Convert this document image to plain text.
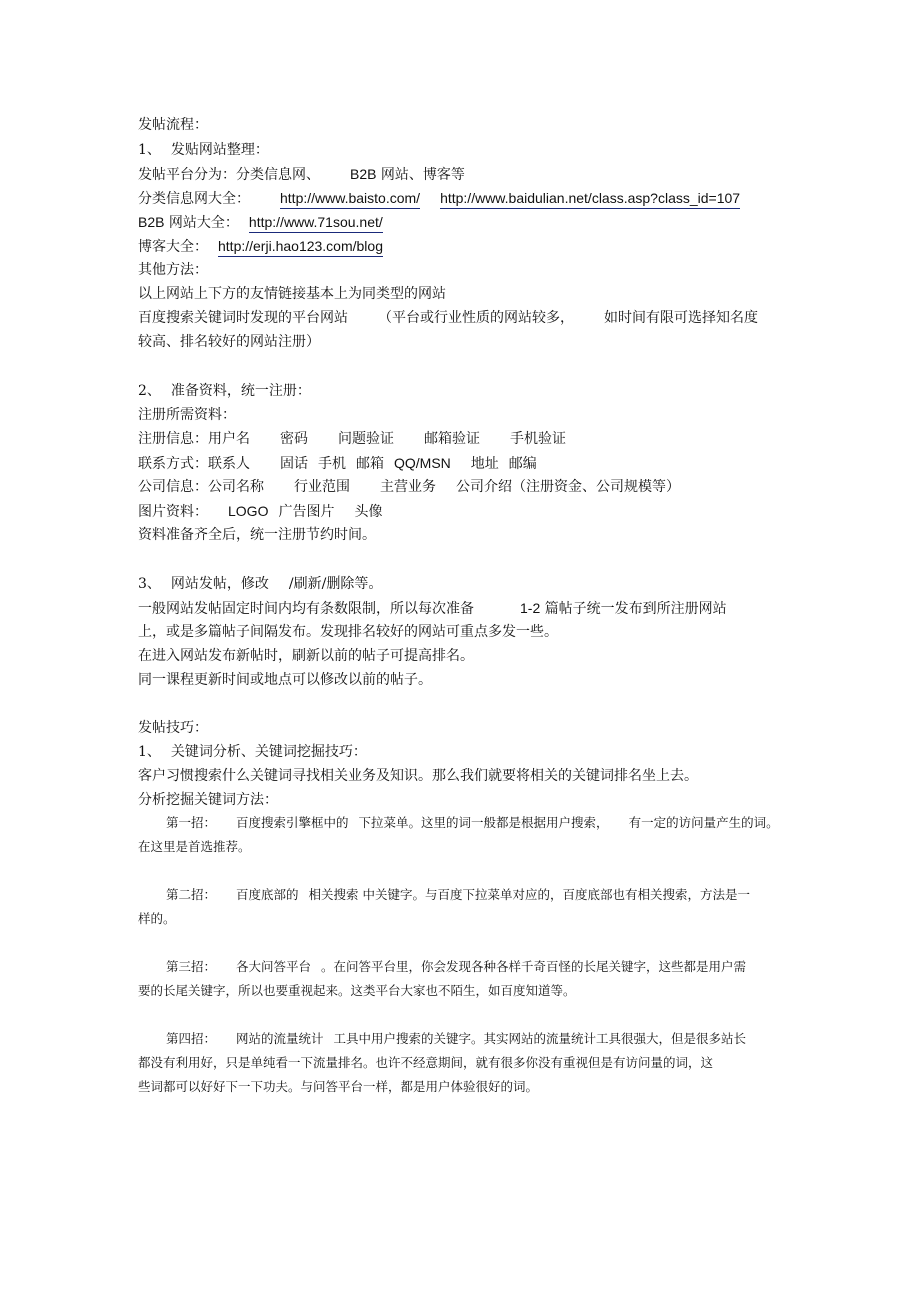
发帖流程：
1、 发贴网站整理：
发帖平台分为：分类信息网、 B2B 网站、博客等
分类信息网大全： http://www.baisto.com/ http://www.baidulian.net/class.asp?class_id=107
B2B 网站大全： http://www.71sou.net/
博客大全： http://erji.hao123.com/blog
其他方法：
以上网站上下方的友情链接基本上为同类型的网站
百度搜索关键词时发现的平台网站 （平台或行业性质的网站较多， 如时间有限可选择知名度
较高、排名较好的网站注册）
2、 准备资料，统一注册：
注册所需资料：
注册信息：用户名 密码 问题验证 邮箱验证 手机验证
联系方式：联系人 固话 手机 邮箱 QQ/MSN 地址 邮编
公司信息：公司名称 行业范围 主营业务 公司介绍（注册资金、公司规模等）
图片资料： LOGO 广告图片 头像
资料准备齐全后，统一注册节约时间。
3、 网站发帖，修改 /刷新/删除等。
一般网站发帖固定时间内均有条数限制，所以每次准备	1-2 篇帖子统一发布到所注册网站
上，或是多篇帖子间隔发布。发现排名较好的网站可重点多发一些。
在进入网站发布新帖时，刷新以前的帖子可提高排名。
同一课程更新时间或地点可以修改以前的帖子。
发帖技巧：
1、 关键词分析、关键词挖掘技巧：
客户习惯搜索什么关键词寻找相关业务及知识。那么我们就要将相关的关键词排名坐上去。
分析挖掘关键词方法：
第一招： 百度搜索引擎框中的 下拉菜单。这里的词一般都是根据用户搜索， 有一定的访问量产生的词。
在这里是首选推荐。
第二招： 百度底部的 相关搜索 中关键字。与百度下拉菜单对应的，百度底部也有相关搜索，方法是一
样的。
第三招： 各大问答平台 。在问答平台里，你会发现各种各样千奇百怪的长尾关键字，这些都是用户需
要的长尾关键字，所以也要重视起来。这类平台大家也不陌生，如百度知道等。
第四招： 网站的流量统计 工具中用户搜索的关键字。其实网站的流量统计工具很强大，但是很多站长
都没有利用好，只是单纯看一下流量排名。也许不经意期间，就有很多你没有重视但是有访问量的词，这
些词都可以好好下一下功夫。与问答平台一样，都是用户体验很好的词。
